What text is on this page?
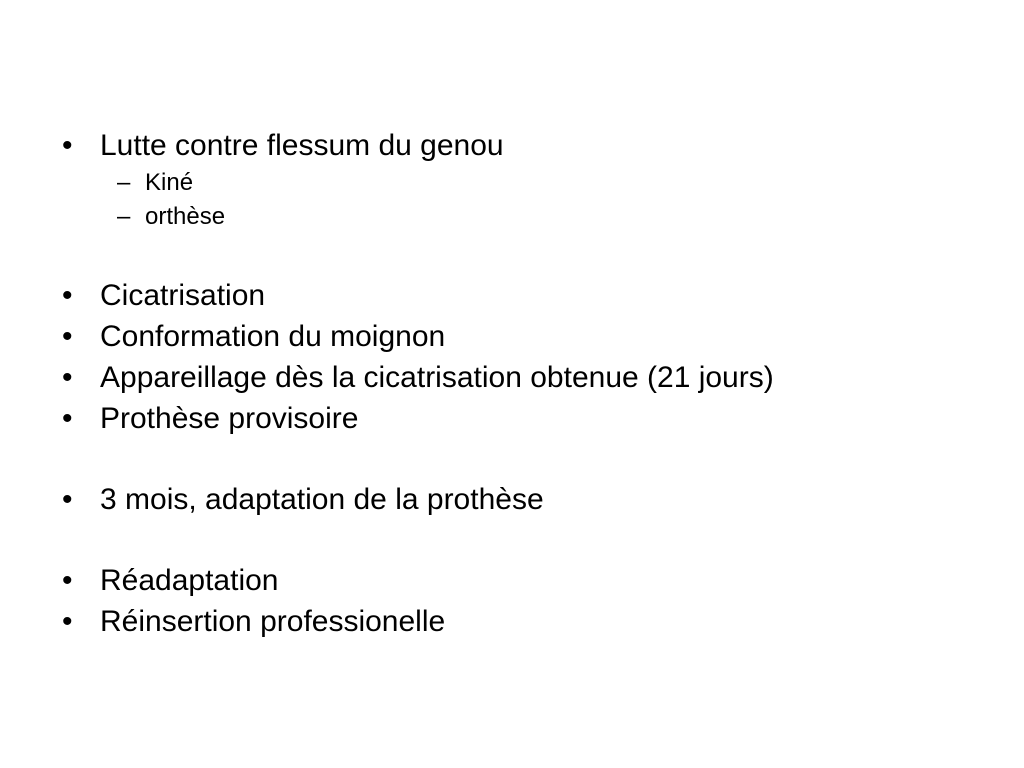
• Lutte contre flessum du genou
– Kiné
– orthèse
• Cicatrisation
• Conformation du moignon
• Appareillage dès la cicatrisation obtenue (21 jours)
• Prothèse provisoire
• 3 mois, adaptation de la prothèse
• Réadaptation
• Réinsertion professionelle
